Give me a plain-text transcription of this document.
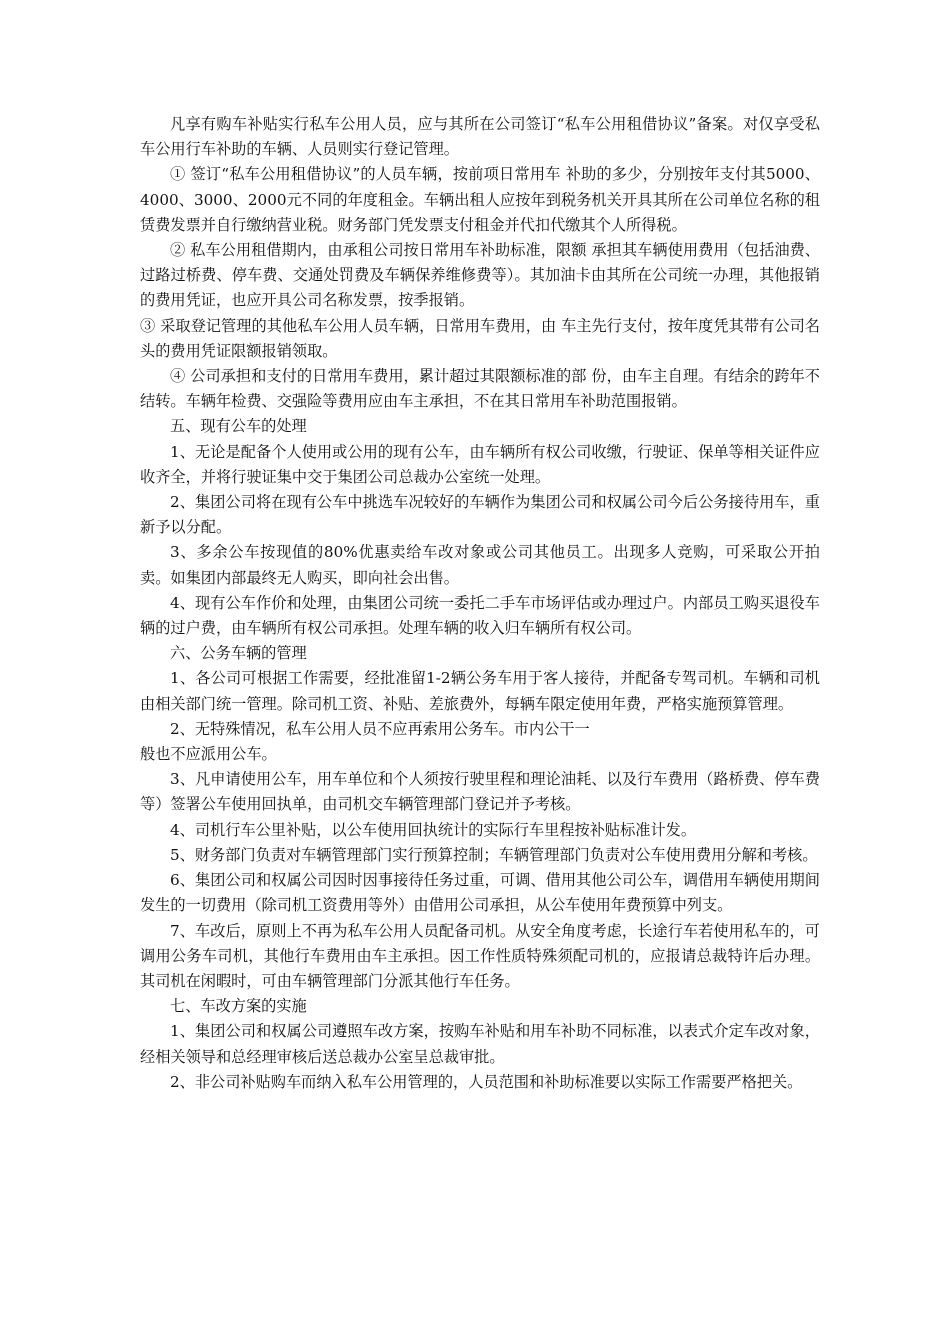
凡享有购车补贴实行私车公用人员，应与其所在公司签订“私车公用租借协议”备案。对仅享受私车公用行车补助的车辆、人员则实行登记管理。

① 签订“私车公用租借协议”的人员车辆，按前项日常用车 补助的多少，分别按年支付其5000、4000、3000、2000元不同的年度租金。车辆出租人应按年到税务机关开具其所在公司单位名称的租赁费发票并自行缴纳营业税。财务部门凭发票支付租金并代扣代缴其个人所得税。

② 私车公用租借期内，由承租公司按日常用车补助标准，限额 承担其车辆使用费用（包括油费、过路过桥费、停车费、交通处罚费及车辆保养维修费等）。其加油卡由其所在公司统一办理，其他报销的费用凭证，也应开具公司名称发票，按季报销。

③ 采取登记管理的其他私车公用人员车辆，日常用车费用，由 车主先行支付，按年度凭其带有公司名头的费用凭证限额报销领取。

④ 公司承担和支付的日常用车费用，累计超过其限额标准的部 份，由车主自理。有结余的跨年不结转。车辆年检费、交强险等费用应由车主承担，不在其日常用车补助范围报销。

五、现有公车的处理

1、无论是配备个人使用或公用的现有公车，由车辆所有权公司收缴，行驶证、保单等相关证件应收齐全，并将行驶证集中交于集团公司总裁办公室统一处理。

2、集团公司将在现有公车中挑选车况较好的车辆作为集团公司和权属公司今后公务接待用车，重新予以分配。

3、多余公车按现值的80%优惠卖给车改对象或公司其他员工。出现多人竞购，可采取公开拍卖。如集团内部最终无人购买，即向社会出售。

4、现有公车作价和处理，由集团公司统一委托二手车市场评估或办理过户。内部员工购买退役车辆的过户费，由车辆所有权公司承担。处理车辆的收入归车辆所有权公司。

六、公务车辆的管理

1、各公司可根据工作需要，经批准留1-2辆公务车用于客人接待，并配备专驾司机。车辆和司机由相关部门统一管理。除司机工资、补贴、差旅费外，每辆车限定使用年费，严格实施预算管理。

2、无特殊情况，私车公用人员不应再索用公务车。市内公干一

般也不应派用公车。

3、凡申请使用公车，用车单位和个人须按行驶里程和理论油耗、以及行车费用（路桥费、停车费等）签署公车使用回执单，由司机交车辆管理部门登记并予考核。

4、司机行车公里补贴，以公车使用回执统计的实际行车里程按补贴标准计发。

5、财务部门负责对车辆管理部门实行预算控制；车辆管理部门负责对公车使用费用分解和考核。

6、集团公司和权属公司因时因事接待任务过重，可调、借用其他公司公车，调借用车辆使用期间发生的一切费用（除司机工资费用等外）由借用公司承担，从公车使用年费预算中列支。

7、车改后，原则上不再为私车公用人员配备司机。从安全角度考虑，长途行车若使用私车的，可调用公务车司机，其他行车费用由车主承担。因工作性质特殊须配司机的，应报请总裁特许后办理。其司机在闲暇时，可由车辆管理部门分派其他行车任务。

七、车改方案的实施

1、集团公司和权属公司遵照车改方案，按购车补贴和用车补助不同标准，以表式介定车改对象，经相关领导和总经理审核后送总裁办公室呈总裁审批。

2、非公司补贴购车而纳入私车公用管理的，人员范围和补助标准要以实际工作需要严格把关。
